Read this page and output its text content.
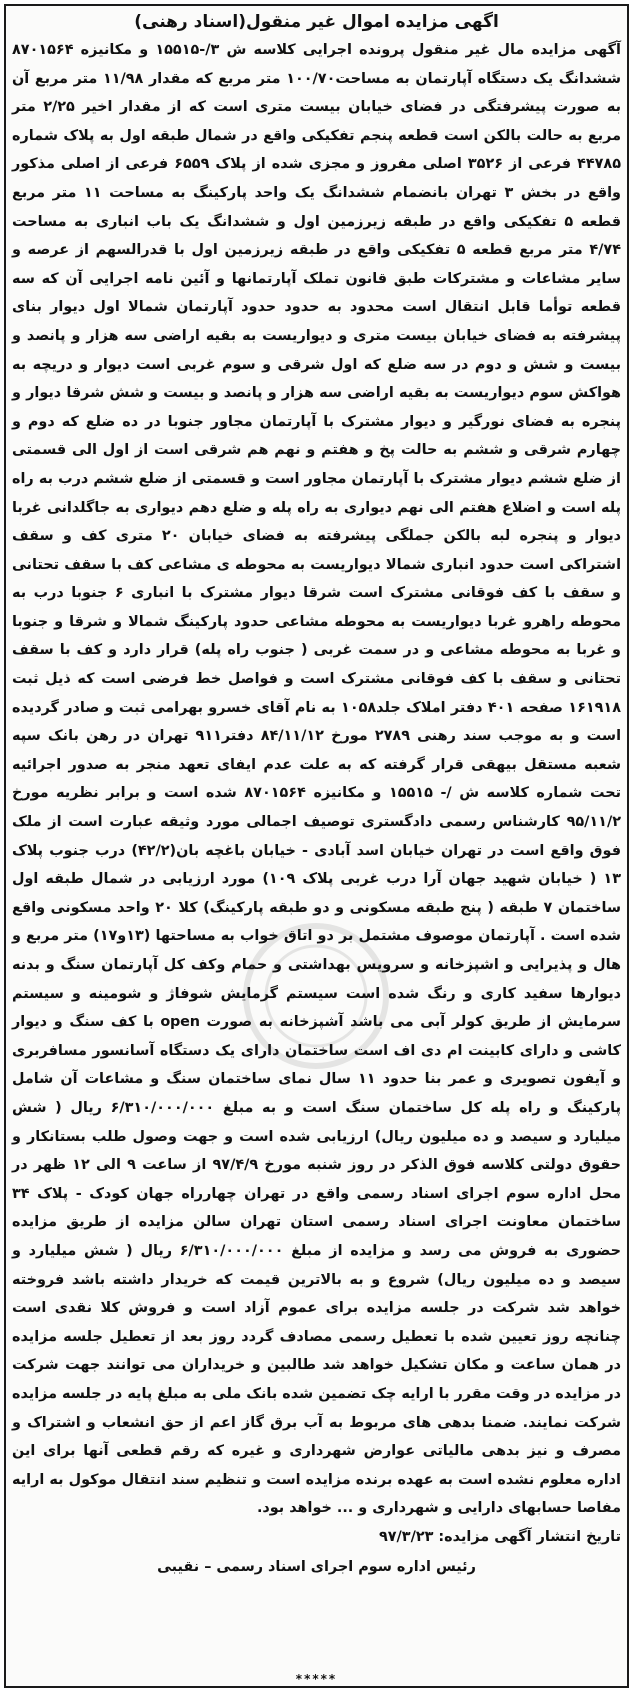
اگهی مزایده اموال غیر منقول(اسناد رهنی)

آگهی مزایده مال غیر منقول پرونده اجرایی کلاسه ش ۳/-۱۵۵۱۵ و مکانیزه ۸۷۰۱۵۶۴ ششدانگ یک دستگاه آپارتمان به مساحت۱۰۰/۷۰ متر مربع که مقدار ۱۱/۹۸ متر مربع آن به صورت پیشرفتگی در فضای خیابان بیست متری است که از مقدار اخیر ۲/۲۵ متر مربع به حالت بالکن است قطعه پنجم تفکیکی واقع در شمال طبقه اول به پلاک شماره ۴۴۷۸۵ فرعی از ۳۵۲۶ اصلی مفروز و مجزی شده از پلاک ۶۵۵۹ فرعی از اصلی مذکور واقع در بخش ۳ تهران بانضمام ششدانگ یک واحد پارکینگ به مساحت ۱۱ متر مربع قطعه ۵ تفکیکی واقع در طبقه زیرزمین اول و ششدانگ یک باب انباری به مساحت ۴/۷۴ متر مربع قطعه ۵ تفکیکی واقع در طبقه زیرزمین اول با قدرالسهم از عرصه و سایر مشاعات و مشترکات طبق قانون تملک آپارتمانها و آئین نامه اجرایی آن که سه قطعه توأما قابل انتقال است محدود به حدود حدود آپارتمان شمالا اول دیوار بنای پیشرفته به فضای خیابان بیست متری و دیواریست به بقیه اراضی سه هزار و پانصد و بیست و شش و دوم در سه ضلع که اول شرقی و سوم غربی است دیوار و دریچه به هواکش سوم دیواریست به بقیه اراضی سه هزار و پانصد و بیست و شش شرقا دیوار و پنجره به فضای نورگیر و دیوار مشترک با آپارتمان مجاور جنوبا در ده ضلع که دوم و چهارم شرقی و ششم به حالت پخ و هفتم و نهم هم شرقی است از اول الی قسمتی از ضلع ششم دیوار مشترک با آپارتمان مجاور است و قسمتی از ضلع ششم درب به راه پله است و اضلاع هفتم الی نهم دیواری به راه پله و ضلع دهم دیواری به جاگلدانی غربا دیوار و پنجره لبه بالکن جملگی پیشرفته به فضای خیابان ۲۰ متری کف و سقف اشتراکی است حدود انباری شمالا دیواریست به محوطه ی مشاعی کف با سقف تحتانی و سقف با کف فوقانی مشترک است شرقا دیوار مشترک با انباری ۶ جنوبا درب به محوطه راهرو غربا دیواریست به محوطه مشاعی حدود پارکینگ شمالا و شرقا و جنوبا و غربا به محوطه مشاعی و در سمت غربی ( جنوب راه پله) قرار دارد و کف با سقف تحتانی و سقف با کف فوقانی مشترک است و فواصل خط فرضی است که ذیل ثبت ۱۶۱۹۱۸ صفحه ۴۰۱ دفتر املاک جلد۱۰۵۸ به نام آقای خسرو بهرامی ثبت و صادر گردیده است و به موجب سند رهنی ۲۷۸۹ مورخ ۸۴/۱۱/۱۲ دفتر۹۱۱ تهران در رهن بانک سپه شعبه مستقل بیهقی قرار گرفته که به علت عدم ایفای تعهد منجر به صدور اجرائیه تحت شماره کلاسه ش /- ۱۵۵۱۵ و مکانیزه ۸۷۰۱۵۶۴ شده است و برابر نظریه مورخ ۹۵/۱۱/۲ کارشناس رسمی دادگستری توصیف اجمالی مورد وثیقه عبارت است از ملک فوق واقع است در تهران خیابان اسد آبادی - خیابان باغچه بان(۴۲/۲) درب جنوب پلاک ۱۳ ( خیابان شهید جهان آرا درب غربی پلاک ۱۰۹) مورد ارزیابی در شمال طبقه اول ساختمان ۷ طبقه ( پنج طبقه مسکونی و دو طبقه پارکینگ) کلا ۲۰ واحد مسکونی واقع شده است . آپارتمان موصوف مشتمل بر دو اتاق خواب به مساحتها (۱۳و۱۷) متر مربع و هال و پذیرایی و اشپزخانه و سرویس بهداشتی و حمام وکف کل آپارتمان سنگ و بدنه دیوارها سفید کاری و رنگ شده است سیستم گرمایش شوفاژ و شومینه و سیستم سرمایش از طریق کولر آبی می باشد آشپزخانه به صورت open با کف سنگ و دیوار کاشی و دارای کابینت ام دی اف است ساختمان دارای یک دستگاه آسانسور مسافربری و آیفون تصویری و عمر بنا حدود ۱۱ سال نمای ساختمان سنگ و مشاعات آن شامل پارکینگ و راه پله کل ساختمان سنگ است و به مبلغ ۶/۳۱۰/۰۰۰/۰۰۰ ریال ( شش میلیارد و سیصد و ده میلیون ریال) ارزیابی شده است و جهت وصول طلب بستانکار و حقوق دولتی کلاسه فوق الذکر در روز شنبه مورخ ۹۷/۴/۹ از ساعت ۹ الی ۱۲ ظهر در محل اداره سوم اجرای اسناد رسمی واقع در تهران چهارراه جهان کودک - پلاک ۳۴ ساختمان معاونت اجرای اسناد رسمی استان تهران سالن مزایده از طریق مزایده حضوری به فروش می رسد و مزایده از مبلغ ۶/۳۱۰/۰۰۰/۰۰۰ ریال ( شش میلیارد و سیصد و ده میلیون ریال) شروع و به بالاترین قیمت که خریدار داشته باشد فروخته خواهد شد شرکت در جلسه مزایده برای عموم آزاد است و فروش کلا نقدی است چنانچه روز تعیین شده با تعطیل رسمی مصادف گردد روز بعد از تعطیل جلسه مزایده در همان ساعت و مکان تشکیل خواهد شد طالبین و خریداران می توانند جهت شرکت در مزایده در وقت مقرر با ارایه چک تضمین شده بانک ملی به مبلغ پایه در جلسه مزایده شرکت نمایند. ضمنا بدهی های مربوط به آب برق گاز اعم از حق انشعاب و اشتراک و مصرف و نیز بدهی مالیاتی عوارض شهرداری و غیره که رقم قطعی آنها برای این اداره معلوم نشده است به عهده برنده مزایده است و تنظیم سند انتقال موکول به ارایه مفاصا حسابهای دارایی و شهرداری و ... خواهد بود.

تاریخ انتشار آگهی مزایده: ۹۷/۳/۲۳

رئیس اداره سوم اجرای اسناد رسمی – نقیبی

*****
